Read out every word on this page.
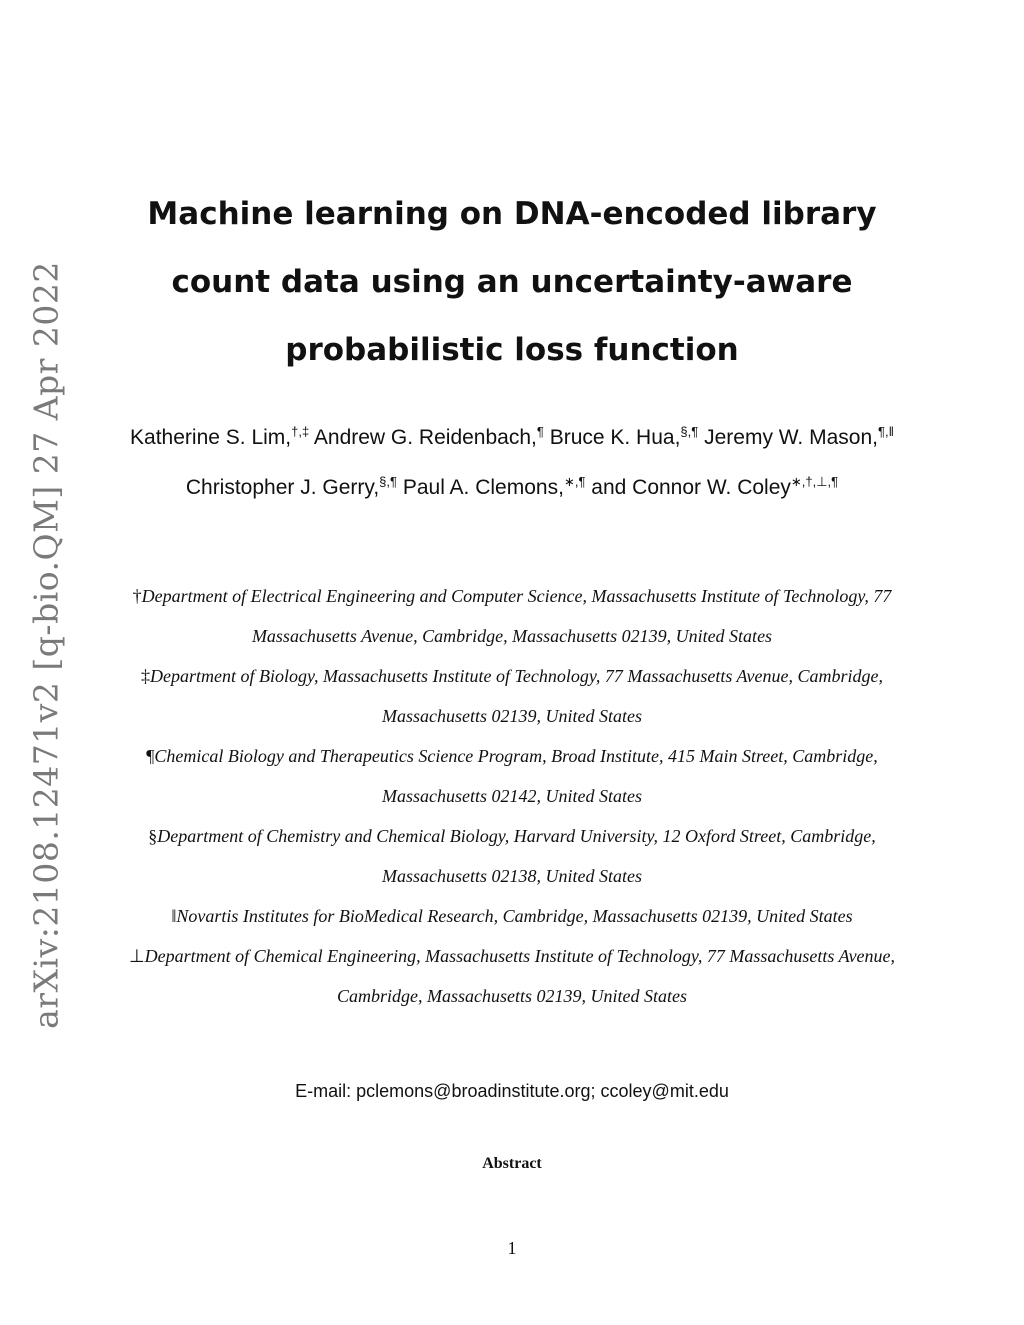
arXiv:2108.12471v2 [q-bio.QM] 27 Apr 2022
Machine learning on DNA-encoded library count data using an uncertainty-aware probabilistic loss function
Katherine S. Lim,†,‡ Andrew G. Reidenbach,¶ Bruce K. Hua,§,¶ Jeremy W. Mason,¶,‖ Christopher J. Gerry,§,¶ Paul A. Clemons,∗,¶ and Connor W. Coley∗,†,⊥,¶
†Department of Electrical Engineering and Computer Science, Massachusetts Institute of Technology, 77 Massachusetts Avenue, Cambridge, Massachusetts 02139, United States
‡Department of Biology, Massachusetts Institute of Technology, 77 Massachusetts Avenue, Cambridge, Massachusetts 02139, United States
¶Chemical Biology and Therapeutics Science Program, Broad Institute, 415 Main Street, Cambridge, Massachusetts 02142, United States
§Department of Chemistry and Chemical Biology, Harvard University, 12 Oxford Street, Cambridge, Massachusetts 02138, United States
‖Novartis Institutes for BioMedical Research, Cambridge, Massachusetts 02139, United States
⊥Department of Chemical Engineering, Massachusetts Institute of Technology, 77 Massachusetts Avenue, Cambridge, Massachusetts 02139, United States
E-mail: pclemons@broadinstitute.org; ccoley@mit.edu
Abstract
1
